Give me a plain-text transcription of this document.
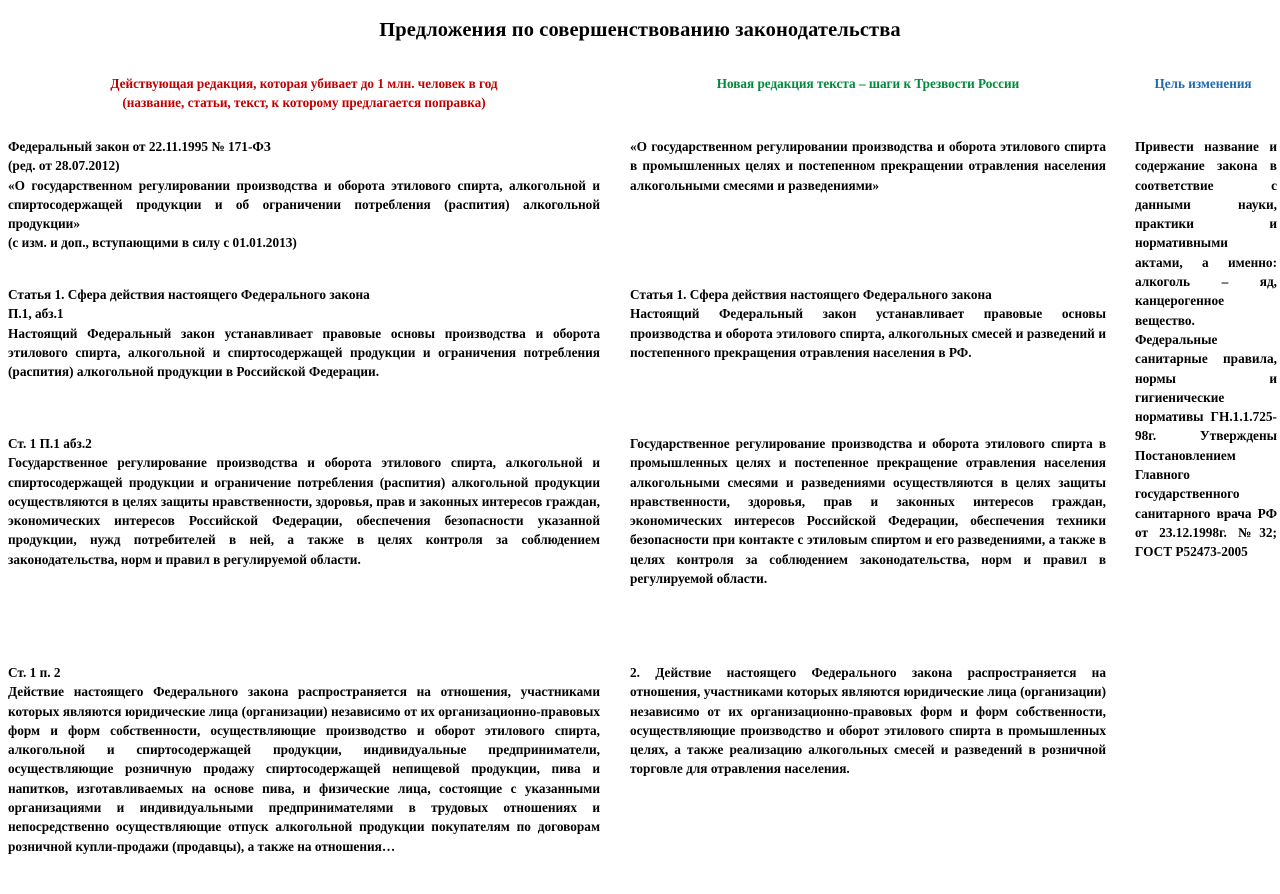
Предложения по совершенствованию законодательства
Действующая редакция, которая убивает до 1 млн. человек в год
(название, статьи, текст, к которому предлагается поправка)
Новая редакция текста – шаги к Трезвости России	Цель изменения

Федеральный закон от 22.11.1995 № 171-ФЗ

(ред. от 28.07.2012)

«О государственном регулировании производства и оборота этилового спирта, алкогольной и спиртосодержащей продукции и об ограничении потребления (распития) алкогольной продукции»

(с изм. и доп., вступающими в силу с 01.01.2013)

Статья 1. Сфера действия настоящего Федерального закона

П.1, абз.1

Настоящий Федеральный закон устанавливает правовые основы производства и оборота этилового спирта, алкогольной и спиртосодержащей продукции и ограничения потребления (распития) алкогольной продукции в Российской Федерации.

Ст. 1 П.1 абз.2

Государственное регулирование производства и оборота этилового спирта, алкогольной и спиртосодержащей продукции и ограничение потребления (распития) алкогольной продукции осуществляются в целях защиты нравственности, здоровья, прав и законных интересов граждан, экономических интересов Российской Федерации, обеспечения безопасности указанной продукции, нужд потребителей в ней, а также в целях контроля за соблюдением законодательства, норм и правил в регулируемой области.

Ст. 1 п. 2

Действие настоящего Федерального закона распространяется на отношения, участниками которых являются юридические лица (организации) независимо от их организационно-правовых форм и форм собственности, осуществляющие производство и оборот этилового спирта, алкогольной и спиртосодержащей продукции, индивидуальные предприниматели, осуществляющие розничную продажу спиртосодержащей непищевой продукции, пива и напитков, изготавливаемых на основе пива, и физические лица, состоящие с указанными организациями и индивидуальными предпринимателями в трудовых отношениях и непосредственно осуществляющие отпуск алкогольной продукции покупателям по договорам розничной купли-продажи (продавцы), а также на отношения…

«О государственном регулировании производства и оборота этилового спирта в промышленных целях и постепенном прекращении отравления населения алкогольными смесями и разведениями»

Статья 1. Сфера действия настоящего Федерального закона

Настоящий Федеральный закон устанавливает правовые основы производства и оборота этилового спирта, алкогольных смесей и разведений и постепенного прекращения отравления населения в РФ.

Государственное регулирование производства и оборота этилового спирта в промышленных целях и постепенное прекращение отравления населения алкогольными смесями и разведениями осуществляются в целях защиты нравственности, здоровья, прав и законных интересов граждан, экономических интересов Российской Федерации, обеспечения техники безопасности при контакте с этиловым спиртом и его разведениями, а также в целях контроля за соблюдением законодательства, норм и правил в регулируемой области.

2. Действие настоящего Федерального закона распространяется на отношения, участниками которых являются юридические лица (организации) независимо от их организационно-правовых форм и форм собственности, осуществляющие производство и оборот этилового спирта в промышленных целях, а также реализацию алкогольных смесей и разведений в розничной торговле для отравления населения.

Привести название и содержание закона в соответствие с данными науки, практики и нормативными актами, а именно: алкоголь – яд, канцерогенное вещество. Федеральные санитарные правила, нормы и гигиенические нормативы ГН.1.1.725-98г. Утверждены Постановлением Главного государственного санитарного врача РФ от 23.12.1998г. №32; ГОСТ Р52473-2005
